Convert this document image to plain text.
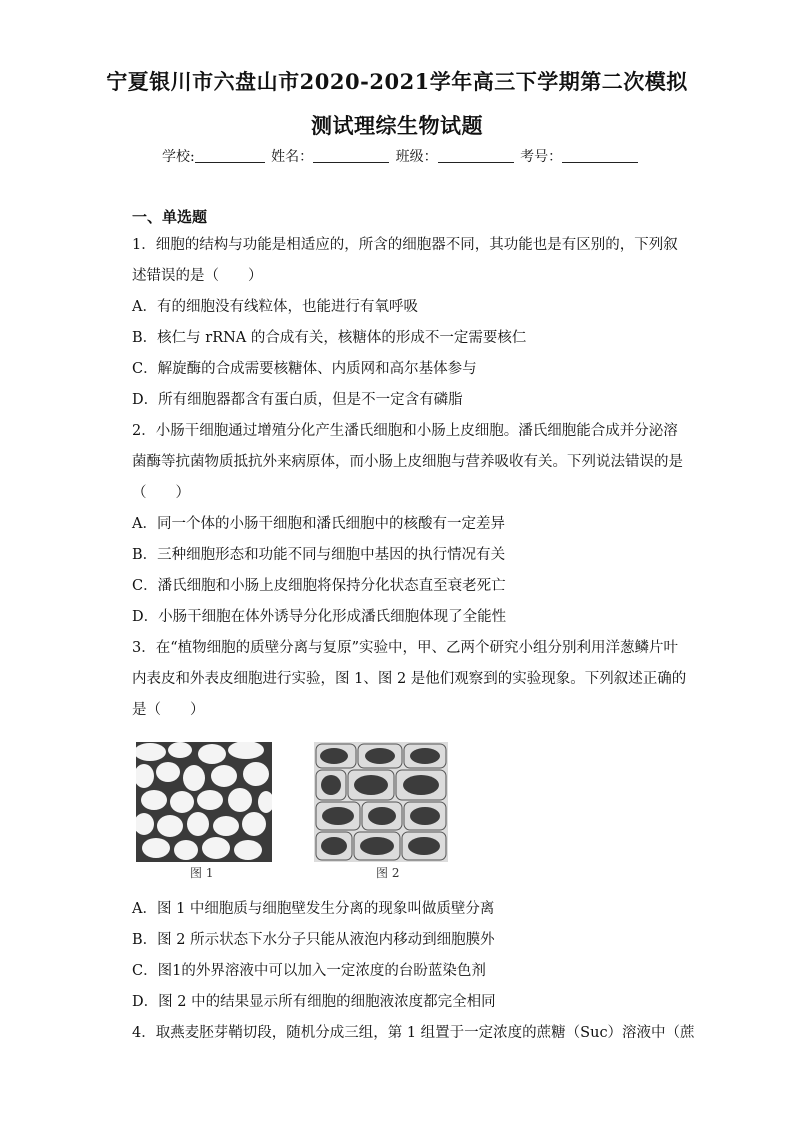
宁夏银川市六盘山市2020-2021学年高三下学期第二次模拟
测试理综生物试题
学校:	姓名：	班级：	考号：
一、单选题
1．细胞的结构与功能是相适应的，所含的细胞器不同，其功能也是有区别的，下列叙
述错误的是（　　）
A．有的细胞没有线粒体，也能进行有氧呼吸
B．核仁与 rRNA 的合成有关，核糖体的形成不一定需要核仁
C．解旋酶的合成需要核糖体、内质网和高尔基体参与
D．所有细胞器都含有蛋白质，但是不一定含有磷脂
2．小肠干细胞通过增殖分化产生潘氏细胞和小肠上皮细胞。潘氏细胞能合成并分泌溶
菌酶等抗菌物质抵抗外来病原体，而小肠上皮细胞与营养吸收有关。下列说法错误的是
（　　）
A．同一个体的小肠干细胞和潘氏细胞中的核酸有一定差异
B．三种细胞形态和功能不同与细胞中基因的执行情况有关
C．潘氏细胞和小肠上皮细胞将保持分化状态直至衰老死亡
D．小肠干细胞在体外诱导分化形成潘氏细胞体现了全能性
3．在“植物细胞的质壁分离与复原”实验中，甲、乙两个研究小组分别利用洋葱鳞片叶
内表皮和外表皮细胞进行实验，图 1、图 2 是他们观察到的实验现象。下列叙述正确的
是（　　）
图 1	图 2
A．图 1 中细胞质与细胞壁发生分离的现象叫做质壁分离
B．图 2 所示状态下水分子只能从液泡内移动到细胞膜外
C．图1的外界溶液中可以加入一定浓度的台盼蓝染色剂
D．图 2 中的结果显示所有细胞的细胞液浓度都完全相同
4．取燕麦胚芽鞘切段，随机分成三组，第 1 组置于一定浓度的蔗糖（Suc）溶液中（蔗
